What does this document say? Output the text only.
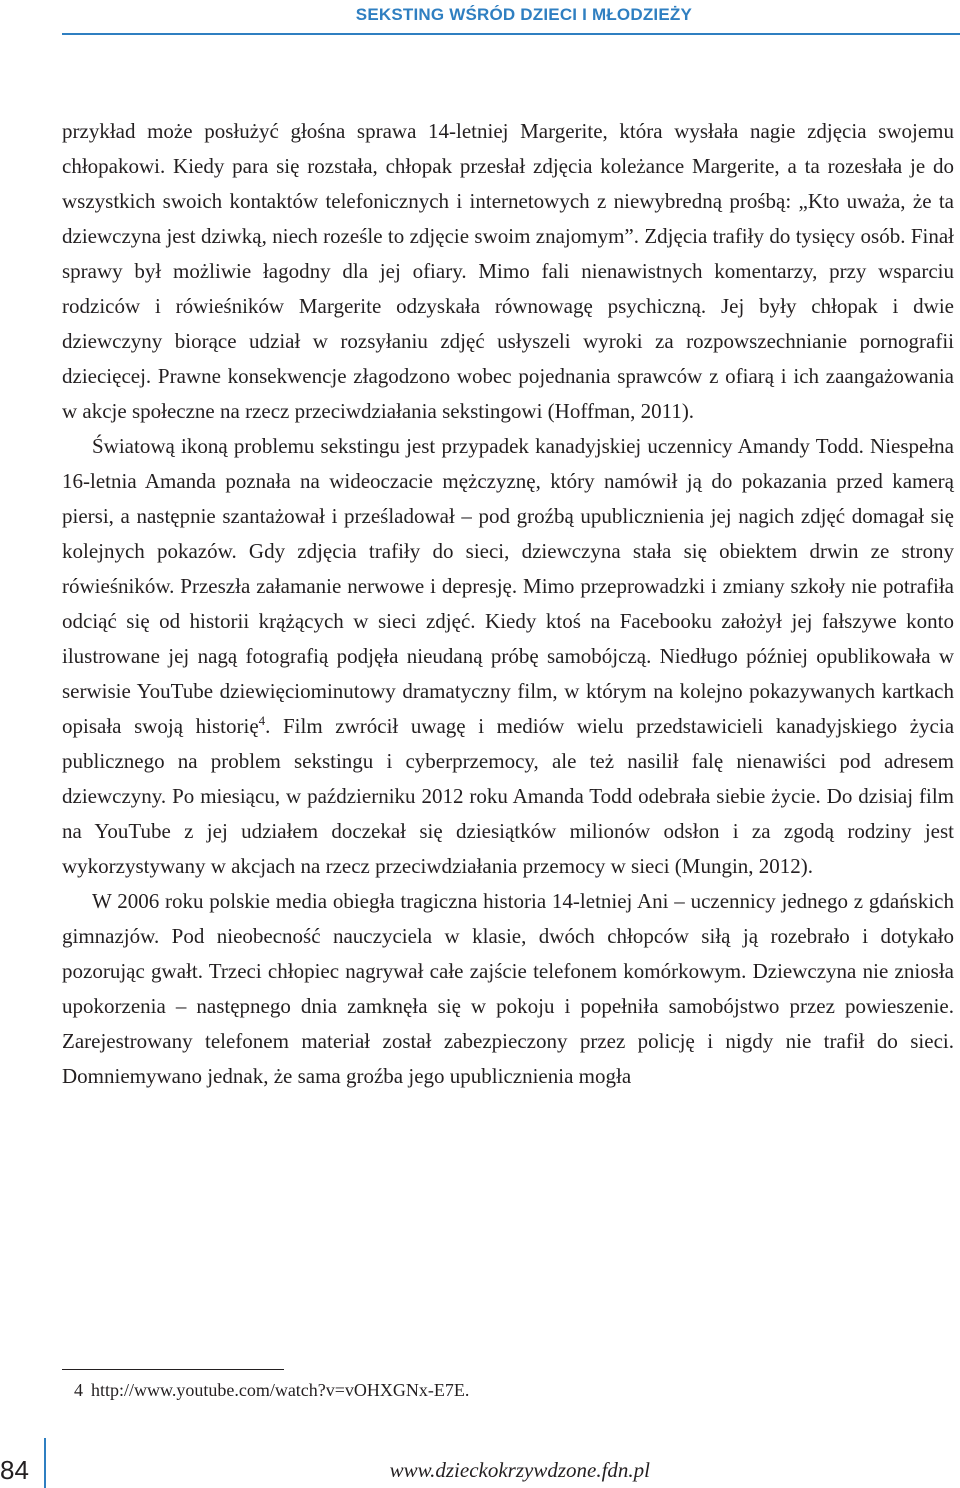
SEKSTING WŚRÓD DZIECI I MŁODZIEŻY

przykład może posłużyć głośna sprawa 14-letniej Margerite, która wysłała nagie zdjęcia swojemu chłopakowi. Kiedy para się rozstała, chłopak przesłał zdjęcia koleżance Margerite, a ta rozesłała je do wszystkich swoich kontaktów telefonicznych i internetowych z niewybredną prośbą: „Kto uważa, że ta dziewczyna jest dziwką, niech roześle to zdjęcie swoim znajomym”. Zdjęcia trafiły do tysięcy osób. Finał sprawy był możliwie łagodny dla jej ofiary. Mimo fali nienawistnych komentarzy, przy wsparciu rodziców i rówieśników Margerite odzyskała równowagę psychiczną. Jej były chłopak i dwie dziewczyny biorące udział w rozsyłaniu zdjęć usłyszeli wyroki za rozpowszechnianie pornografii dziecięcej. Prawne konsekwencje złagodzono wobec pojednania sprawców z ofiarą i ich zaangażowania w akcje społeczne na rzecz przeciwdziałania sekstingowi (Hoffman, 2011).

Światową ikoną problemu sekstingu jest przypadek kanadyjskiej uczennicy Amandy Todd. Niespełna 16-letnia Amanda poznała na wideoczacie mężczyznę, który namówił ją do pokazania przed kamerą piersi, a następnie szantażował i prześladował – pod groźbą upublicznienia jej nagich zdjęć domagał się kolejnych pokazów. Gdy zdjęcia trafiły do sieci, dziewczyna stała się obiektem drwin ze strony rówieśników. Przeszła załamanie nerwowe i depresję. Mimo przeprowadzki i zmiany szkoły nie potrafiła odciąć się od historii krążących w sieci zdjęć. Kiedy ktoś na Facebooku założył jej fałszywe konto ilustrowane jej nagą fotografią podjęła nieudaną próbę samobójczą. Niedługo później opublikowała w serwisie YouTube dziewięciominutowy dramatyczny film, w którym na kolejno pokazywanych kartkach opisała swoją historię$^4$. Film zwrócił uwagę i mediów wielu przedstawicieli kanadyjskiego życia publicznego na problem sekstingu i cyberprzemocy, ale też nasilił falę nienawiści pod adresem dziewczyny. Po miesiącu, w październiku 2012 roku Amanda Todd odebrała siebie życie. Do dzisiaj film na YouTube z jej udziałem doczekał się dziesiątków milionów odsłon i za zgodą rodziny jest wykorzystywany w akcjach na rzecz przeciwdziałania przemocy w sieci (Mungin, 2012).

W 2006 roku polskie media obiegła tragiczna historia 14-letniej Ani – uczennicy jednego z gdańskich gimnazjów. Pod nieobecność nauczyciela w klasie, dwóch chłopców siłą ją rozebrało i dotykało pozorując gwałt. Trzeci chłopiec nagrywał całe zajście telefonem komórkowym. Dziewczyna nie zniosła upokorzenia – następnego dnia zamknęła się w pokoju i popełniła samobójstwo przez powieszenie. Zarejestrowany telefonem materiał został zabezpieczony przez policję i nigdy nie trafił do sieci. Domniemywano jednak, że sama groźba jego upublicznienia mogła

4 http://www.youtube.com/watch?v=vOHXGNx-E7E.
84	www.dzieckokrzywdzone.fdn.pl
